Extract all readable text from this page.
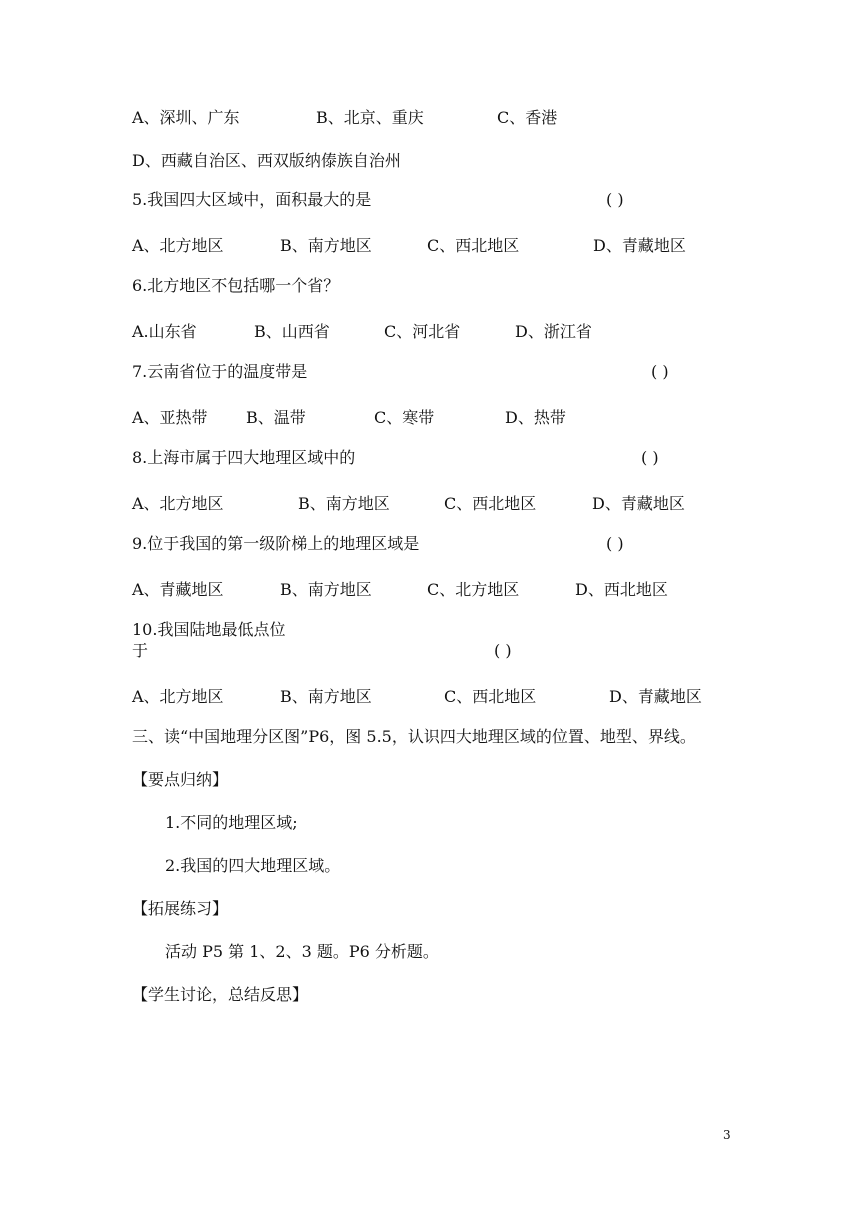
A、深圳、广东	B、北京、重庆	C、香港
D、西藏自治区、西双版纳傣族自治州
5.我国四大区域中，面积最大的是	( )
A、北方地区	B、南方地区	C、西北地区	D、青藏地区
6.北方地区不包括哪一个省？
A.山东省	B、山西省	C、河北省	D、浙江省
7.云南省位于的温度带是	( )
A、亚热带 B、温带	C、寒带	D、热带
8.上海市属于四大地理区域中的	( )
A、北方地区	B、南方地区	C、西北地区	D、青藏地区
9.位于我国的第一级阶梯上的地理区域是	( )
A、青藏地区	B、南方地区	C、北方地区	D、西北地区
10.我国陆地最低点位
于	( )
A、北方地区	B、南方地区	C、西北地区	D、青藏地区
三、读“中国地理分区图”P6，图 5.5，认识四大地理区域的位置、地型、界线。
【要点归纳】
1.不同的地理区域;
2.我国的四大地理区域。
【拓展练习】
活动 P5 第 1、2、3 题。P6 分析题。
【学生讨论，总结反思】
3
